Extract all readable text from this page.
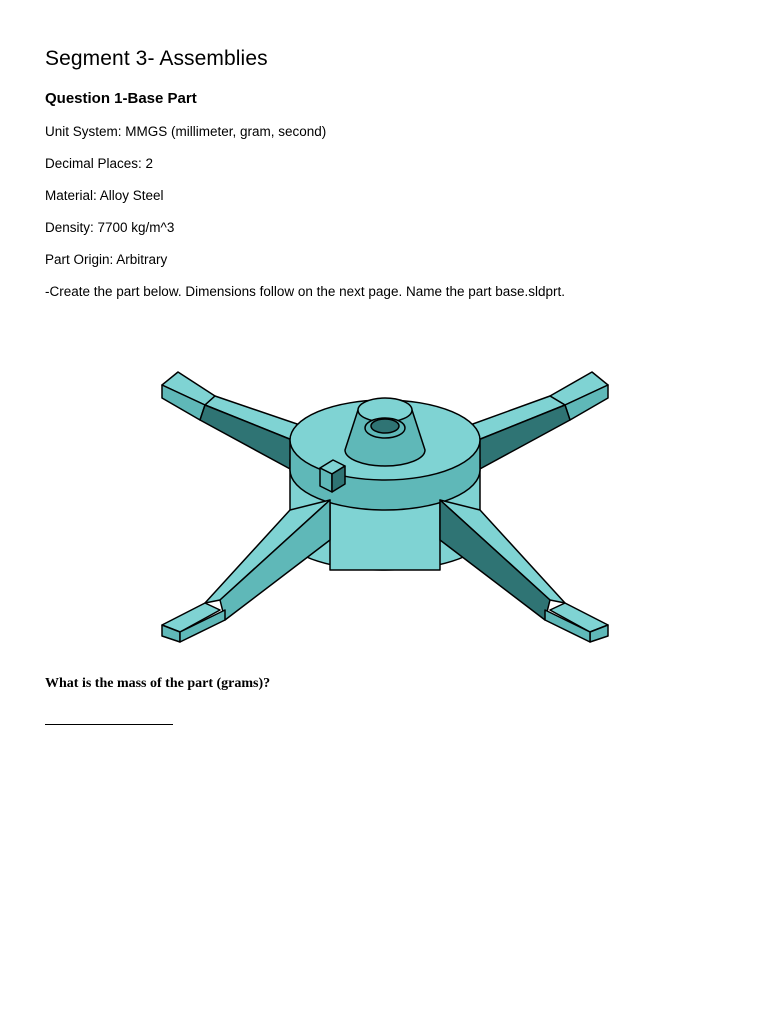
Segment 3- Assemblies
Question 1-Base Part

Unit System: MMGS (millimeter, gram, second)

Decimal Places: 2

Material: Alloy Steel

Density: 7700 kg/m^3

Part Origin: Arbitrary

-Create the part below. Dimensions follow on the next page. Name the part base.sldprt.

What is the mass of the part (grams)?
